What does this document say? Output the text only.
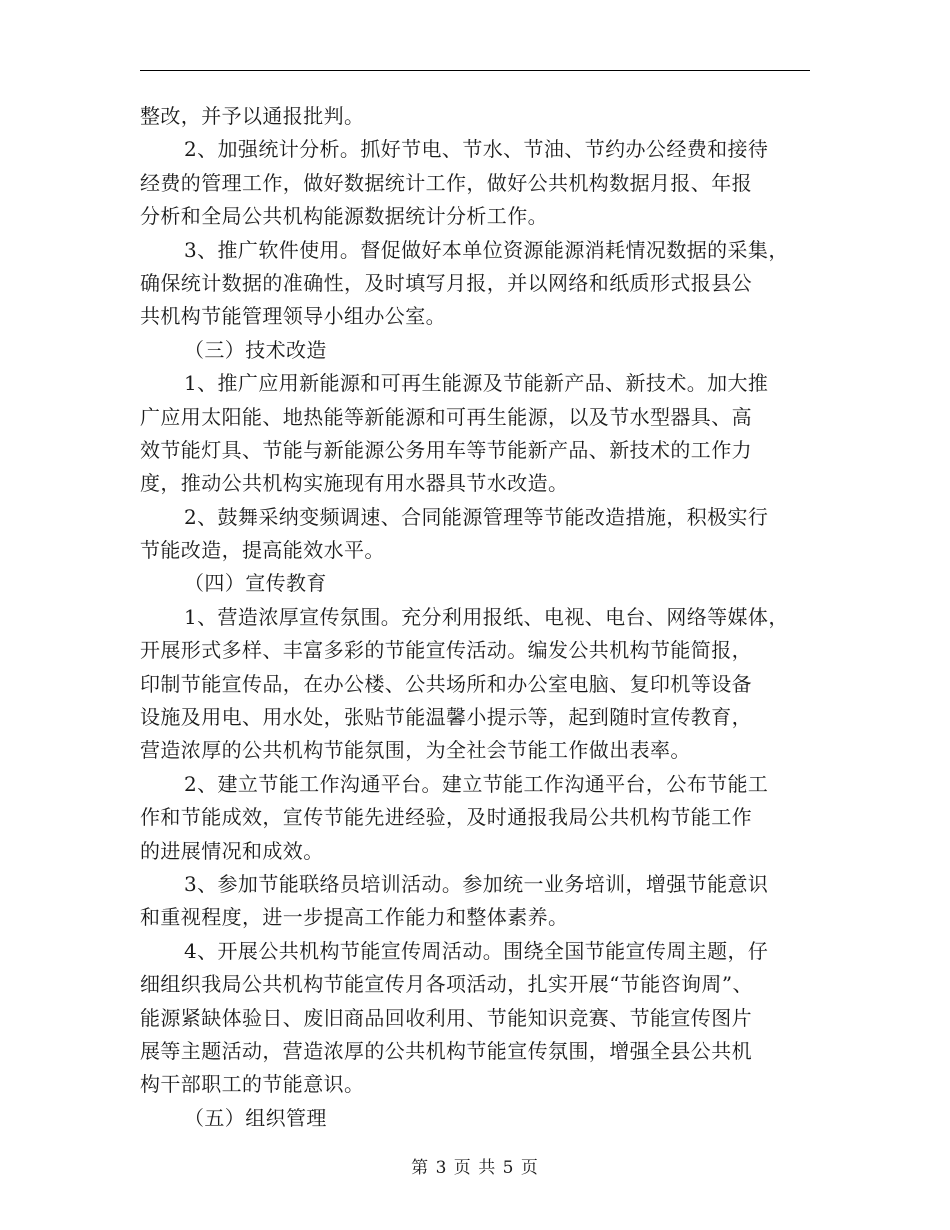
整改，并予以通报批判。
2、加强统计分析。抓好节电、节水、节油、节约办公经费和接待
经费的管理工作，做好数据统计工作，做好公共机构数据月报、年报
分析和全局公共机构能源数据统计分析工作。
3、推广软件使用。督促做好本单位资源能源消耗情况数据的采集，
确保统计数据的准确性，及时填写月报，并以网络和纸质形式报县公
共机构节能管理领导小组办公室。
（三）技术改造
1、推广应用新能源和可再生能源及节能新产品、新技术。加大推
广应用太阳能、地热能等新能源和可再生能源，以及节水型器具、高
效节能灯具、节能与新能源公务用车等节能新产品、新技术的工作力
度，推动公共机构实施现有用水器具节水改造。
2、鼓舞采纳变频调速、合同能源管理等节能改造措施，积极实行
节能改造，提高能效水平。
（四）宣传教育
1、营造浓厚宣传氛围。充分利用报纸、电视、电台、网络等媒体，
开展形式多样、丰富多彩的节能宣传活动。编发公共机构节能简报，
印制节能宣传品，在办公楼、公共场所和办公室电脑、复印机等设备
设施及用电、用水处，张贴节能温馨小提示等，起到随时宣传教育，
营造浓厚的公共机构节能氛围，为全社会节能工作做出表率。
2、建立节能工作沟通平台。建立节能工作沟通平台，公布节能工
作和节能成效，宣传节能先进经验，及时通报我局公共机构节能工作
的进展情况和成效。
3、参加节能联络员培训活动。参加统一业务培训，增强节能意识
和重视程度，进一步提高工作能力和整体素养。
4、开展公共机构节能宣传周活动。围绕全国节能宣传周主题，仔
细组织我局公共机构节能宣传月各项活动，扎实开展“节能咨询周”、
能源紧缺体验日、废旧商品回收利用、节能知识竞赛、节能宣传图片
展等主题活动，营造浓厚的公共机构节能宣传氛围，增强全县公共机
构干部职工的节能意识。
（五）组织管理
第 3 页 共 5 页
